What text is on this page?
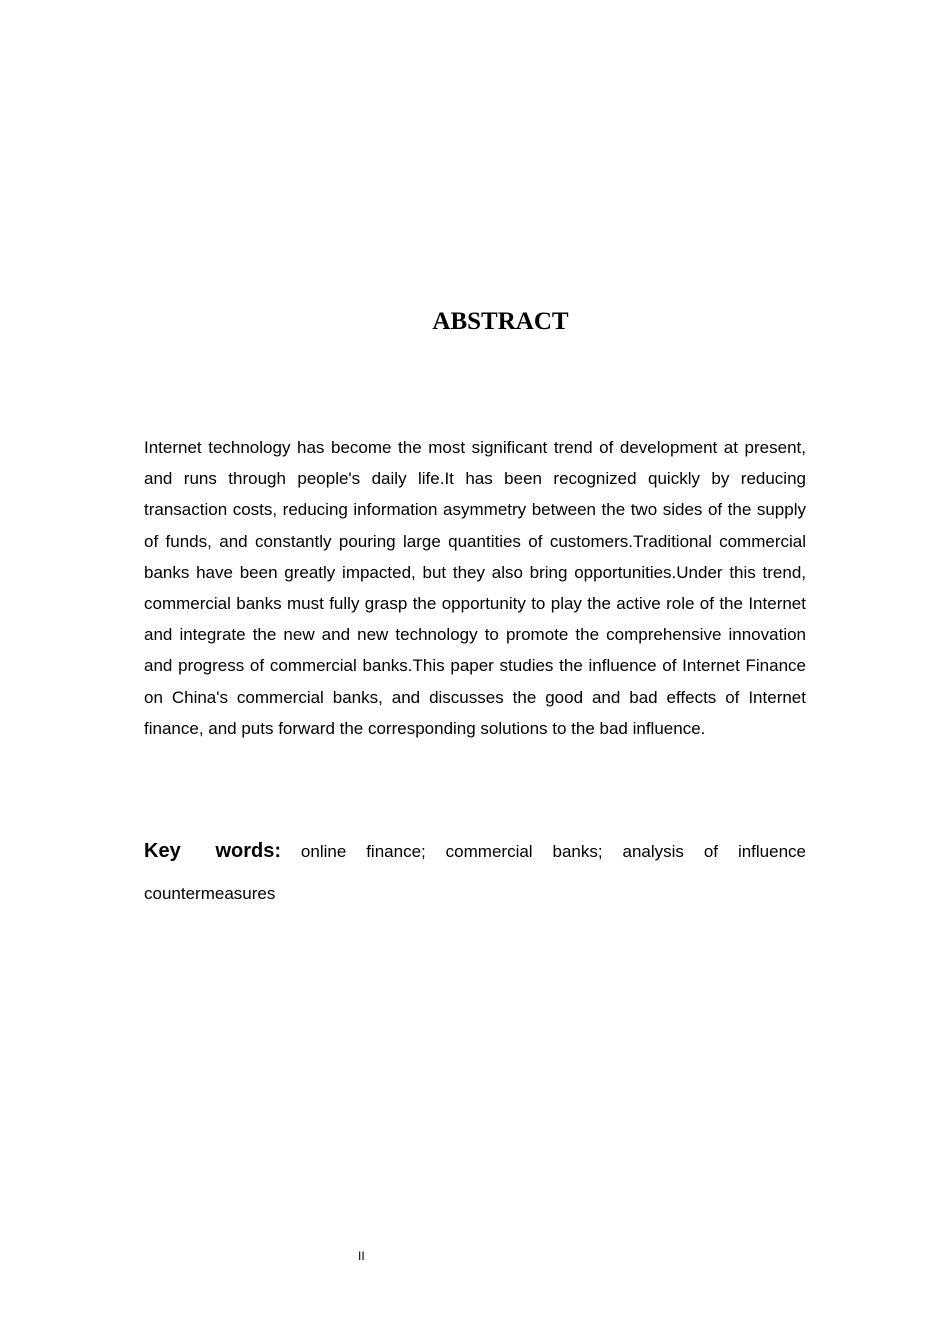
ABSTRACT

Internet technology has become the most significant trend of development at present, and runs through people's daily life.It has been recognized quickly by reducing transaction costs, reducing information asymmetry between the two sides of the supply of funds, and constantly pouring large quantities of customers.Traditional commercial banks have been greatly impacted, but they also bring opportunities.Under this trend, commercial banks must fully grasp the opportunity to play the active role of the Internet and integrate the new and new technology to promote the comprehensive innovation and progress of commercial banks.This paper studies the influence of Internet Finance on China's commercial banks, and discusses the good and bad effects of Internet finance, and puts forward the corresponding solutions to the bad influence.

Key words: online finance; commercial banks; analysis of influence countermeasures

II
